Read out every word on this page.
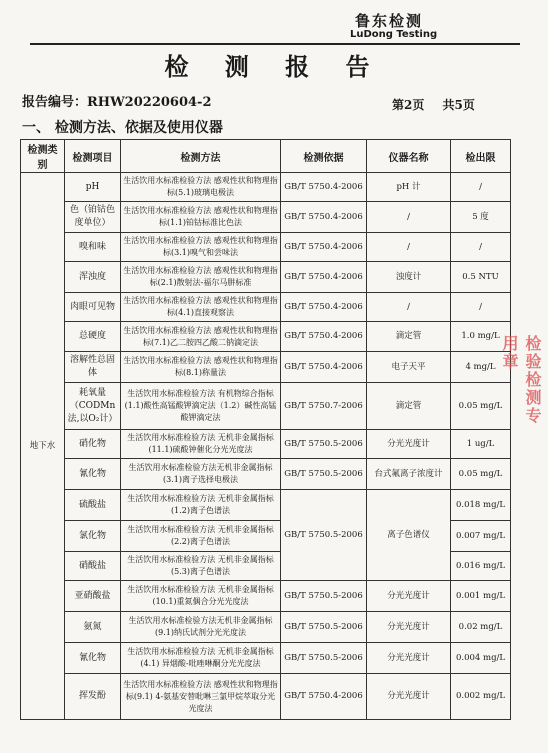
鲁东检测
LuDong Testing
检 测 报 告
报告编号：RHW20220604-2	第2页 共5页
一、 检测方法、依据及使用仪器
检测类别	检测项目	检测方法	检测依据	仪器名称	检出限
地下水	pH	生活饮用水标准检验方法 感观性状和物理指标(5.1)玻璃电极法	GB/T 5750.4-2006	pH 计	/
	色（铂钴色度单位）	生活饮用水标准检验方法 感观性状和物理指标(1.1)铂钴标准比色法	GB/T 5750.4-2006	/	5 度
	嗅和味	生活饮用水标准检验方法 感观性状和物理指标(3.1)嗅气和尝味法	GB/T 5750.4-2006	/	/
	浑浊度	生活饮用水标准检验方法 感观性状和物理指标(2.1)散射法-福尔马肼标准	GB/T 5750.4-2006	浊度计	0.5 NTU
	肉眼可见物	生活饮用水标准检验方法 感观性状和物理指标(4.1)直接观察法	GB/T 5750.4-2006	/	/
	总硬度	生活饮用水标准检验方法 感观性状和物理指标(7.1)乙二胺四乙酸二钠滴定法	GB/T 5750.4-2006	滴定管	1.0 mg/L
	溶解性总固体	生活饮用水标准检验方法 感观性状和物理指标(8.1)称量法	GB/T 5750.4-2006	电子天平	4 mg/L
	耗氧量（CODMn法,以O₂计）	生活饮用水标准检验方法 有机物综合指标(1.1)酸性高锰酸钾滴定法（1.2）碱性高锰酸钾滴定法	GB/T 5750.7-2006	滴定管	0.05 mg/L
	硝化物	生活饮用水标准检验方法 无机非金属指标(11.1)硫酸钟催化分光光度法	GB/T 5750.5-2006	分光光度计	1 ug/L
	氰化物	生活饮用水标准检验方法无机非金属指标(3.1)离子选择电极法	GB/T 5750.5-2006	台式氟离子浓度计	0.05 mg/L
	硫酸盐	生活饮用水标准检验方法 无机非金属指标(1.2)离子色谱法	GB/T 5750.5-2006	离子色谱仪	0.018 mg/L
	氯化物	生活饮用水标准检验方法 无机非金属指标(2.2)离子色谱法			0.007 mg/L
	硝酸盐	生活饮用水标准检验方法 无机非金属指标(5.3)离子色谱法			0.016 mg/L
	亚硝酸盐	生活饮用水标准检验方法 无机非金属指标(10.1)重氮偶合分光光度法	GB/T 5750.5-2006	分光光度计	0.001 mg/L
	氨氮	生活饮用水标准检验方法无机非金属指标(9.1)纳氏试剂分光光度法	GB/T 5750.5-2006	分光光度计	0.02 mg/L
	氰化物	生活饮用水标准检验方法 无机非金属指标(4.1) 异烟酸-吡唑啉酮分光光度法	GB/T 5750.5-2006	分光光度计	0.004 mg/L
	挥发酚	生活饮用水标准检验方法 感观性状和物理指标(9.1) 4-氨基安替吡啉三氯甲烷萃取分光光度法	GB/T 5750.4-2006	分光光度计	0.002 mg/L
检验检测专用章
